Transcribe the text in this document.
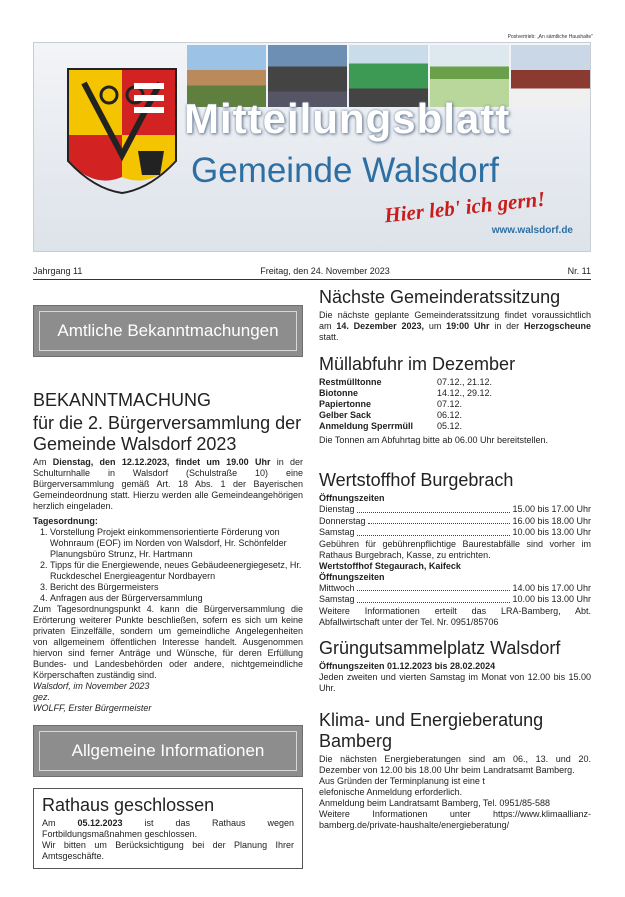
Postvertrieb: „An sämtliche Haushalte"
Mitteilungsblatt
Gemeinde Walsdorf
Hier leb' ich gern!
www.walsdorf.de
Jahrgang 11	Freitag, den 24. November 2023	Nr. 11
Amtliche Bekanntmachungen
BEKANNTMACHUNG
für die 2. Bürgerversammlung der Gemeinde Walsdorf 2023

Am Dienstag, den 12.12.2023, findet um 19.00 Uhr in der Schulturnhalle in Walsdorf (Schulstraße 10) eine Bürgerversammlung gemäß Art. 18 Abs. 1 der Bayerischen Gemeindeordnung statt. Hierzu werden alle Gemeindeangehörigen herzlich eingeladen.

Tagesordnung:

1. Vorstellung Projekt einkommensorientierte Förderung von Wohnraum (EOF) im Norden von Walsdorf, Hr. Schönfelder Planungsbüro Strunz, Hr. Hartmann
2. Tipps für die Energiewende, neues Gebäudeenergiegesetz, Hr. Ruckdeschel Energieagentur Nordbayern
3. Bericht des Bürgermeisters
4. Anfragen aus der Bürgerversammlung

Zum Tagesordnungspunkt 4. kann die Bürgerversammlung die Erörterung weiterer Punkte beschließen, sofern es sich um keine privaten Einzelfälle, sondern um gemeindliche Angelegenheiten von allgemeinem öffentlichen Interesse handelt. Ausgenommen hiervon sind ferner Anträge und Wünsche, für deren Erfüllung Bundes- und Landesbehörden oder andere, nichtgemeindliche Körperschaften zuständig sind.

Walsdorf, im November 2023

gez.

WOLFF, Erster Bürgermeister

Allgemeine Informationen
Rathaus geschlossen

Am 05.12.2023 ist das Rathaus wegen Fortbildungsmaßnahmen geschlossen.

Wir bitten um Berücksichtigung bei der Planung Ihrer Amtsgeschäfte.

Nächste Gemeinderatssitzung

Die nächste geplante Gemeinderatssitzung findet voraussichtlich am 14. Dezember 2023, um 19:00 Uhr in der Herzogscheune statt.

Müllabfuhr im Dezember
Restmülltonne	07.12., 21.12.
Biotonne	14.12., 29.12.
Papiertonne	07.12.
Gelber Sack	06.12.
Anmeldung Sperrmüll	05.12.

Die Tonnen am Abfuhrtag bitte ab 06.00 Uhr bereitstellen.

Wertstoffhof Burgebrach

Öffnungszeiten

Dienstag	15.00 bis 17.00 Uhr
Donnerstag	16.00 bis 18.00 Uhr
Samstag	10.00 bis 13.00 Uhr

Gebühren für gebührenpflichtige Baurestabfälle sind vorher im Rathaus Burgebrach, Kasse, zu entrichten.

Wertstoffhof Stegaurach, Kaifeck

Öffnungszeiten

Mittwoch	14.00 bis 17.00 Uhr
Samstag	10.00 bis 13.00 Uhr

Weitere Informationen erteilt das LRA-Bamberg, Abt. Abfallwirtschaft unter der Tel. Nr. 0951/85706

Grüngutsammelplatz Walsdorf

Öffnungszeiten 01.12.2023 bis 28.02.2024

Jeden zweiten und vierten Samstag im Monat von 12.00 bis 15.00 Uhr.

Klima- und Energieberatung Bamberg

Die nächsten Energieberatungen sind am 06., 13. und 20. Dezember von 12.00 bis 18.00 Uhr beim Landratsamt Bamberg.

Aus Gründen der Terminplanung ist eine t

elefonische Anmeldung erforderlich.

Anmeldung beim Landratsamt Bamberg, Tel. 0951/85-588

Weitere Informationen unter https://www.klimaallianz-bamberg.de/private-haushalte/energieberatung/
